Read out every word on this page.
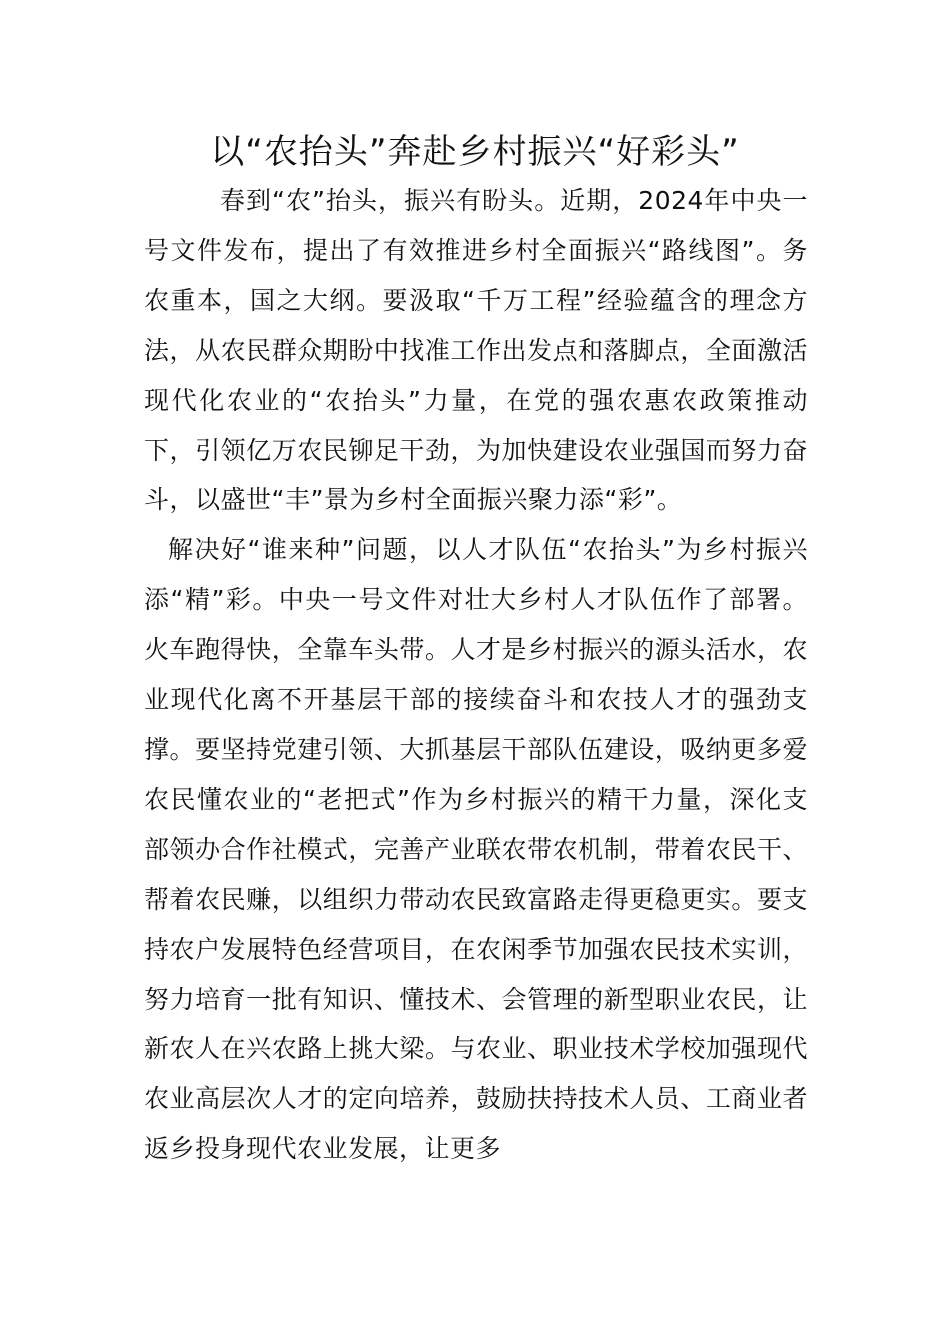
以“农抬头”奔赴乡村振兴“好彩头”

春到“农”抬头，振兴有盼头。近期，2024年中央一号文件发布，提出了有效推进乡村全面振兴“路线图”。务农重本，国之大纲。要汲取“千万工程”经验蕴含的理念方法，从农民群众期盼中找准工作出发点和落脚点，全面激活现代化农业的“农抬头”力量，在党的强农惠农政策推动下，引领亿万农民铆足干劲，为加快建设农业强国而努力奋斗，以盛世“丰”景为乡村全面振兴聚力添“彩”。

解决好“谁来种”问题，以人才队伍“农抬头”为乡村振兴添“精”彩。中央一号文件对壮大乡村人才队伍作了部署。火车跑得快，全靠车头带。人才是乡村振兴的源头活水，农业现代化离不开基层干部的接续奋斗和农技人才的强劲支撑。要坚持党建引领、大抓基层干部队伍建设，吸纳更多爱农民懂农业的“老把式”作为乡村振兴的精干力量，深化支部领办合作社模式，完善产业联农带农机制，带着农民干、帮着农民赚，以组织力带动农民致富路走得更稳更实。要支持农户发展特色经营项目，在农闲季节加强农民技术实训，努力培育一批有知识、懂技术、会管理的新型职业农民，让新农人在兴农路上挑大梁。与农业、职业技术学校加强现代农业高层次人才的定向培养，鼓励扶持技术人员、工商业者返乡投身现代农业发展，让更多
